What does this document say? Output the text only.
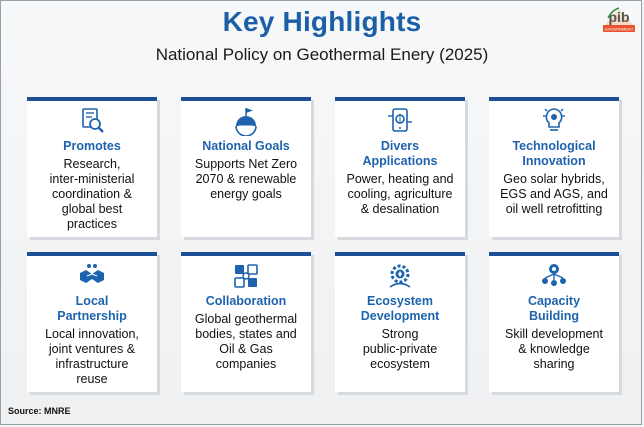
Key Highlights
National Policy on Geothermal Enery (2025)
pib
GOVERNMENT
Promotes
Research,
inter-ministerial
coordination &
global best
practices
National Goals
Supports Net Zero
2070 & renewable
energy goals
Divers
Applications
Power, heating and
cooling, agriculture
& desalination
Technological
Innovation
Geo solar hybrids,
EGS and AGS, and
oil well retrofitting
Local
Partnership
Local innovation,
joint ventures &
infrastructure
reuse
Collaboration
Global geothermal
bodies, states and
Oil & Gas
companies
Ecosystem
Development
Strong
public-private
ecosystem
Capacity
Building
Skill development
& knowledge
sharing
Source: MNRE
